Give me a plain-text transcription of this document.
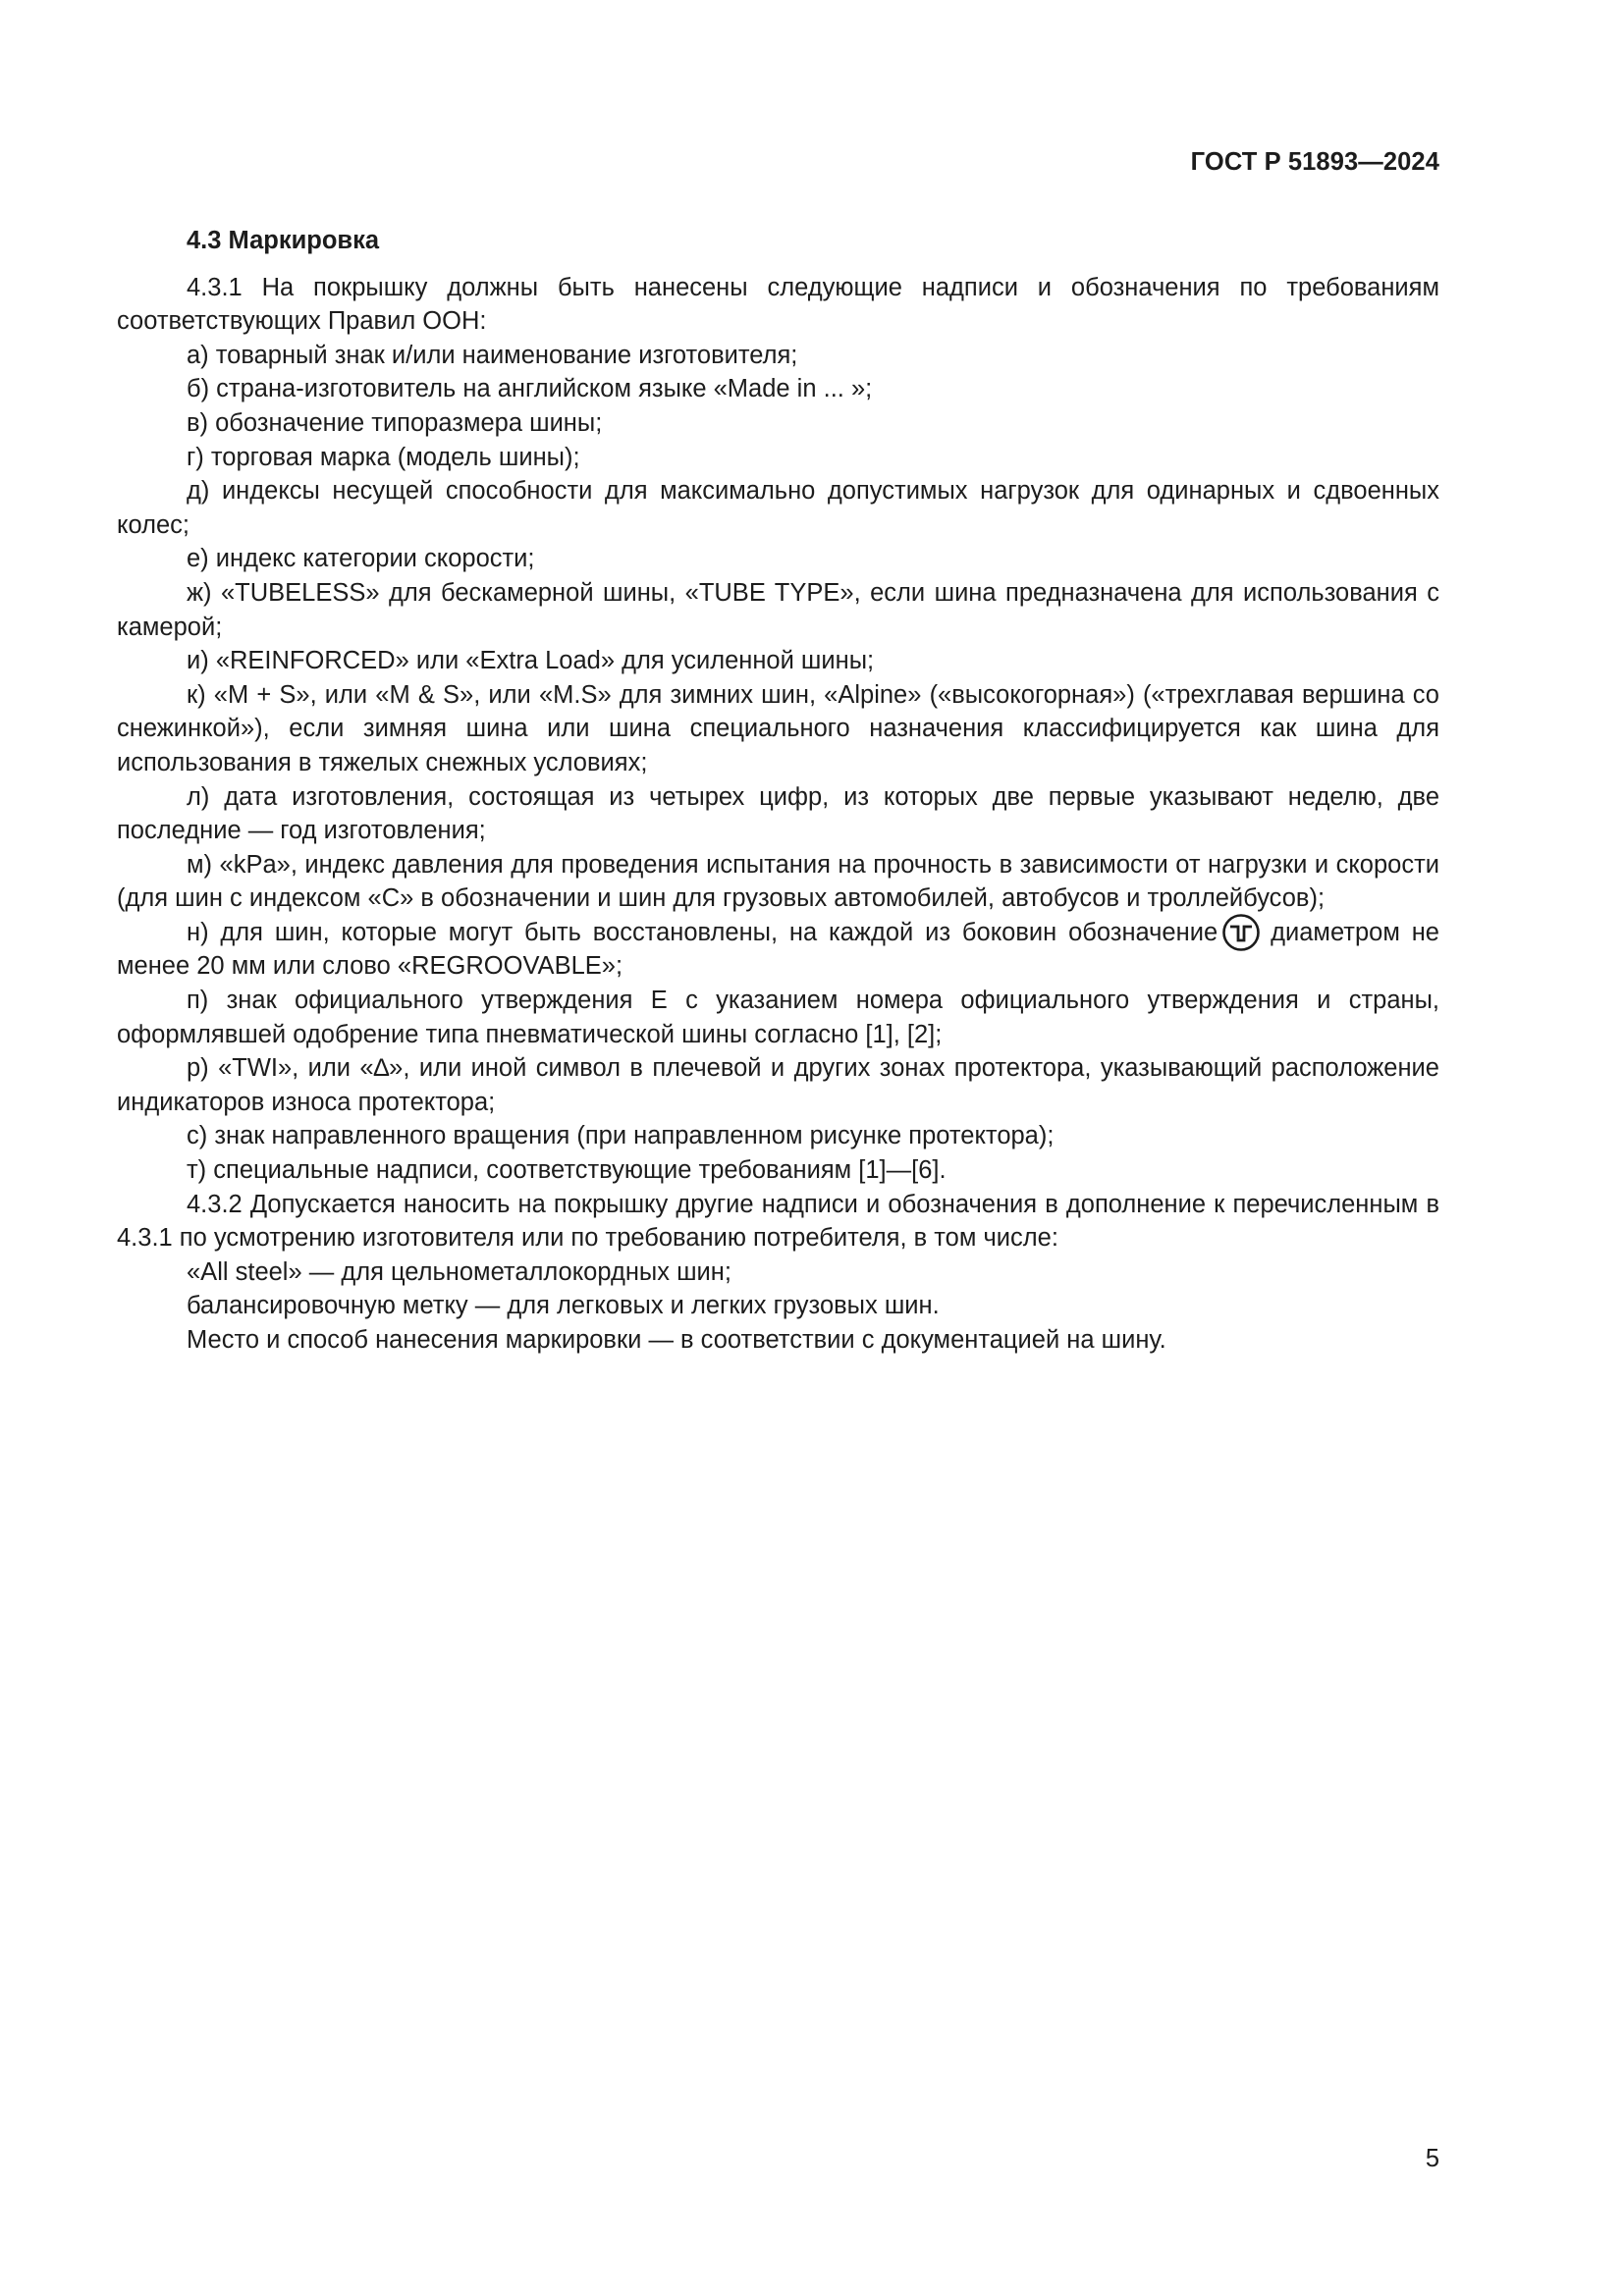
ГОСТ Р 51893—2024
4.3 Маркировка

4.3.1 На покрышку должны быть нанесены следующие надписи и обозначения по требованиям соответствующих Правил ООН:

а) товарный знак и/или наименование изготовителя;

б) страна-изготовитель на английском языке «Made in ... »;

в) обозначение типоразмера шины;

г) торговая марка (модель шины);

д) индексы несущей способности для максимально допустимых нагрузок для одинарных и сдвоенных колес;

е) индекс категории скорости;

ж) «TUBELESS» для бескамерной шины, «TUBE TYPE», если шина предназначена для использования с камерой;

и) «REINFORCED» или «Extra Load» для усиленной шины;

к) «M + S», или «M & S», или «M.S» для зимних шин, «Alpine» («высокогорная») («трехглавая вершина со снежинкой»), если зимняя шина или шина специального назначения классифицируется как шина для использования в тяжелых снежных условиях;

л) дата изготовления, состоящая из четырех цифр, из которых две первые указывают неделю, две последние — год изготовления;

м) «kPa», индекс давления для проведения испытания на прочность в зависимости от нагрузки и скорости (для шин с индексом «С» в обозначении и шин для грузовых автомобилей, автобусов и троллейбусов);

н) для шин, которые могут быть восстановлены, на каждой из боковин обозначение диаметром не менее 20 мм или слово «REGROOVABLE»;

п) знак официального утверждения Е с указанием номера официального утверждения и страны, оформлявшей одобрение типа пневматической шины согласно [1], [2];

р) «TWI», или «∆», или иной символ в плечевой и других зонах протектора, указывающий расположение индикаторов износа протектора;

с) знак направленного вращения (при направленном рисунке протектора);

т) специальные надписи, соответствующие требованиям [1]—[6].

4.3.2 Допускается наносить на покрышку другие надписи и обозначения в дополнение к перечисленным в 4.3.1 по усмотрению изготовителя или по требованию потребителя, в том числе:

«All steel» — для цельнометаллокордных шин;

балансировочную метку — для легковых и легких грузовых шин.

Место и способ нанесения маркировки — в соответствии с документацией на шину.

5
